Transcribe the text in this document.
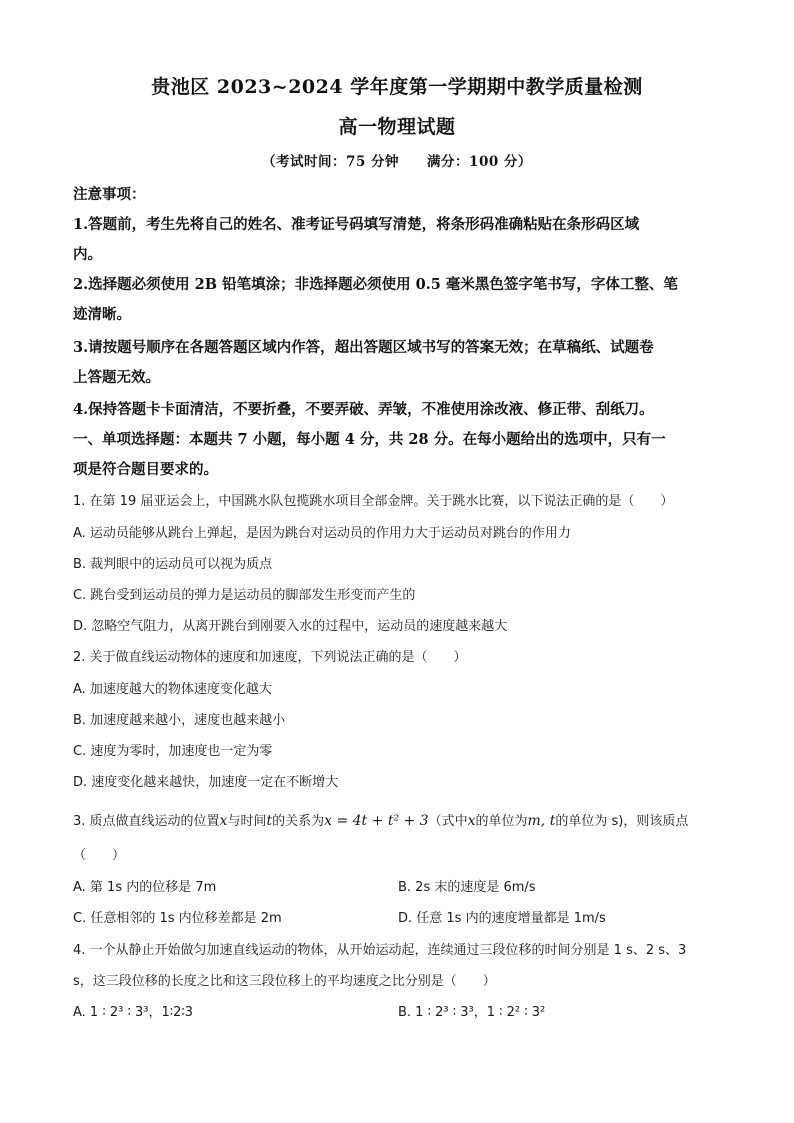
贵池区 2023~2024 学年度第一学期期中教学质量检测
高一物理试题
（考试时间：75 分钟 满分：100 分）
注意事项：
1.答题前，考生先将自己的姓名、准考证号码填写清楚，将条形码准确粘贴在条形码区域
内。
2.选择题必须使用 2B 铅笔填涂；非选择题必须使用 0.5 毫米黑色签字笔书写，字体工整、笔
迹清晰。
3.请按题号顺序在各题答题区域内作答，超出答题区域书写的答案无效；在草稿纸、试题卷
上答题无效。
4.保持答题卡卡面清洁，不要折叠，不要弄破、弄皱，不准使用涂改液、修正带、刮纸刀。
一、单项选择题：本题共 7 小题，每小题 4 分，共 28 分。在每小题给出的选项中，只有一
项是符合题目要求的。
1. 在第 19 届亚运会上，中国跳水队包揽跳水项目全部金牌。关于跳水比赛，以下说法正确的是（　　）
A. 运动员能够从跳台上弹起，是因为跳台对运动员的作用力大于运动员对跳台的作用力
B. 裁判眼中的运动员可以视为质点
C. 跳台受到运动员的弹力是运动员的脚部发生形变而产生的
D. 忽略空气阻力，从离开跳台到刚要入水的过程中，运动员的速度越来越大
2. 关于做直线运动物体的速度和加速度，下列说法正确的是（　　）
A. 加速度越大的物体速度变化越大
B. 加速度越来越小，速度也越来越小
C. 速度为零时，加速度也一定为零
D. 速度变化越来越快，加速度一定在不断增大
3. 质点做直线运动的位置x与时间t的关系为x = 4t + t² + 3（式中x的单位为m, t的单位为 s)，则该质点
（　　）
A. 第 1s 内的位移是 7m	B. 2s 末的速度是 6m/s
C. 任意相邻的 1s 内位移差都是 2m	D. 任意 1s 内的速度增量都是 1m/s
4. 一个从静止开始做匀加速直线运动的物体，从开始运动起，连续通过三段位移的时间分别是 1 s、2 s、3
s，这三段位移的长度之比和这三段位移上的平均速度之比分别是（　　）
A. 1 ∶ 2³ ∶ 3³，1∶2∶3	B. 1 ∶ 2³ ∶ 3³，1 ∶ 2² ∶ 3²
